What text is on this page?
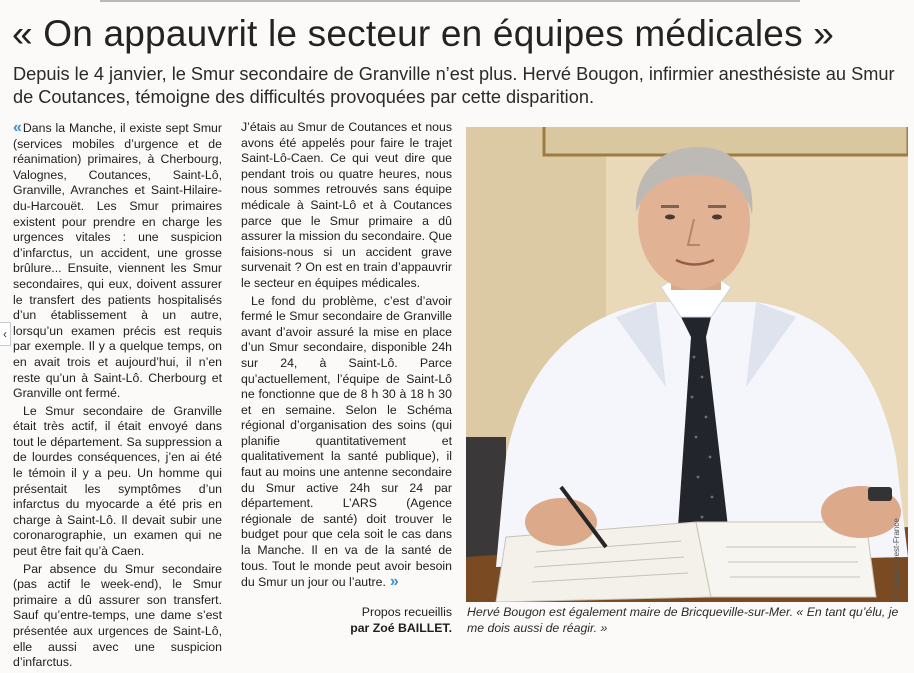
« On appauvrit le secteur en équipes médicales »
Depuis le 4 janvier, le Smur secondaire de Granville n’est plus. Hervé Bougon, infirmier anesthésiste au Smur de Coutances, témoigne des difficultés provoquées par cette disparition.

« Dans la Manche, il existe sept Smur (services mobiles d’urgence et de réanimation) primaires, à Cherbourg, Valognes, Coutances, Saint-Lô, Granville, Avranches et Saint-Hilaire-du-Harcouët. Les Smur primaires existent pour prendre en charge les urgences vitales : une suspicion d’infarctus, un accident, une grosse brûlure... Ensuite, viennent les Smur secondaires, qui eux, doivent assurer le transfert des patients hospitalisés d’un établissement à un autre, lorsqu’un examen précis est requis par exemple. Il y a quelque temps, on en avait trois et aujourd’hui, il n’en reste qu’un à Saint-Lô. Cherbourg et Granville ont fermé.

Le Smur secondaire de Granville était très actif, il était envoyé dans tout le département. Sa suppression a de lourdes conséquences, j’en ai été le témoin il y a peu. Un homme qui présentait les symptômes d’un infarctus du myocarde a été pris en charge à Saint-Lô. Il devait subir une coronarographie, un examen qui ne peut être fait qu’à Caen.

Par absence du Smur secondaire (pas actif le week-end), le Smur primaire a dû assurer son transfert. Sauf qu’entre-temps, une dame s’est présentée aux urgences de Saint-Lô, elle aussi avec une suspicion d’infarctus.

J’étais au Smur de Coutances et nous avons été appelés pour faire le trajet Saint-Lô-Caen. Ce qui veut dire que pendant trois ou quatre heures, nous nous sommes retrouvés sans équipe médicale à Saint-Lô et à Coutances parce que le Smur primaire a dû assurer la mission du secondaire. Que faisions-nous si un accident grave survenait ? On est en train d’appauvrir le secteur en équipes médicales.

Le fond du problème, c’est d’avoir fermé le Smur secondaire de Granville avant d’avoir assuré la mise en place d’un Smur secondaire, disponible 24h sur 24, à Saint-Lô. Parce qu’actuellement, l’équipe de Saint-Lô ne fonctionne que de 8 h 30 à 18 h 30 et en semaine. Selon le Schéma régional d’organisation des soins (qui planifie quantitativement et qualitativement la santé publique), il faut au moins une antenne secondaire du Smur active 24h sur 24 par département. L’ARS (Agence régionale de santé) doit trouver le budget pour que cela soit le cas dans la Manche. Il en va de la santé de tous. Tout le monde peut avoir besoin du Smur un jour ou l’autre. »

Propos recueillis
par Zoé BAILLET.
Archives Ouest-France
Hervé Bougon est également maire de Bricqueville-sur-Mer. « En tant qu’élu, je me dois aussi de réagir. »
‹
